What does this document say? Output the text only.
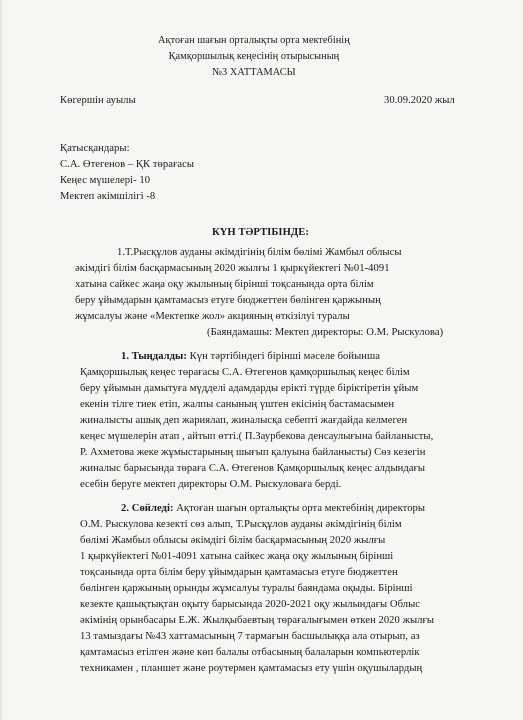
Ақтоған шағын орталықты орта мектебінің
Қамқоршылық кеңесінің отырысының
№3 ХАТТАМАСЫ
Көгершін ауылы	30.09.2020 жыл
Қатысқандары:
С.А. Өтегенов – ҚК төрағасы
Кеңес мүшелері- 10
Мектеп әкімшілігі -8
КҮН ТӘРТІБІНДЕ:
1.Т.Рысқұлов ауданы әкімдігінің білім бөлімі Жамбыл облысы
әкімдігі білім басқармасының 2020 жылғы 1 қыркүйектегі №01-4091
хатына сайкес жаңа оқу жылының бірінші тоқсанында орта білім
беру ұйымдарын қамтамасыз етуге бюджеттен бөлінген қаржының
жұмсалуы және «Мектепке жол» акцияның өткізілуі туралы
(Баяндамашы: Мектеп директоры: О.М. Рыскулова)
1. Тыңдалды: Күн тәртібіндегі бірінші мәселе бойынша
Қамқоршылық кеңес төрағасы С.А. Өтегенов қамқоршылық кеңес білім
беру ұйымын дамытуға мүдделі адамдарды ерікті түрде біріктіретін ұйым
екенін тілге тиек етіп, жалпы санының үштен екісінің бастамасымен
жиналысты ашық деп жариялап, жиналысқа себепті жағдайда келмеген
кеңес мүшелерін атап , айтып өтті.( П.Заурбекова денсаулығына байланысты,
Р. Ахметова жеке жұмыстарының шығып қалуына байланысты) Сөз кезегін
жиналыс барысында төраға С.А. Өтегенов Қамқоршылық кеңес алдындағы
есебін беруге мектеп директоры О.М. Рыскуловаға берді.
2. Сөйледі: Ақтоған шағын орталықты орта мектебінің директоры
О.М. Рыскулова кезекті сөз алып, Т.Рысқұлов ауданы әкімдігінің білім
бөлімі Жамбыл облысы әкімдігі білім басқармасының 2020 жылғы
1 қыркүйектегі №01-4091 хатына сайкес жаңа оқу жылының бірінші
тоқсанында орта білім беру ұйымдарын қамтамасыз етуге бюджеттен
бөлінген қаржының орынды жұмсалуы туралы баяндама оқыды. Бірінші
кезекте қашықтықтан оқыту барысында 2020-2021 оқу жылындағы Облыс
әкімінің орынбасары Е.Ж. Жылқыбаевтың төрағалығымен өткен 2020 жылғы
13 тамыздағы №43 хаттамасының 7 тармағын басшылыққа ала отырып, аз
қамтамасыз етілген және көп балалы отбасының балаларын компьютерлік
техникамен , планшет және роутермен қамтамасыз ету үшін оқушылардың
